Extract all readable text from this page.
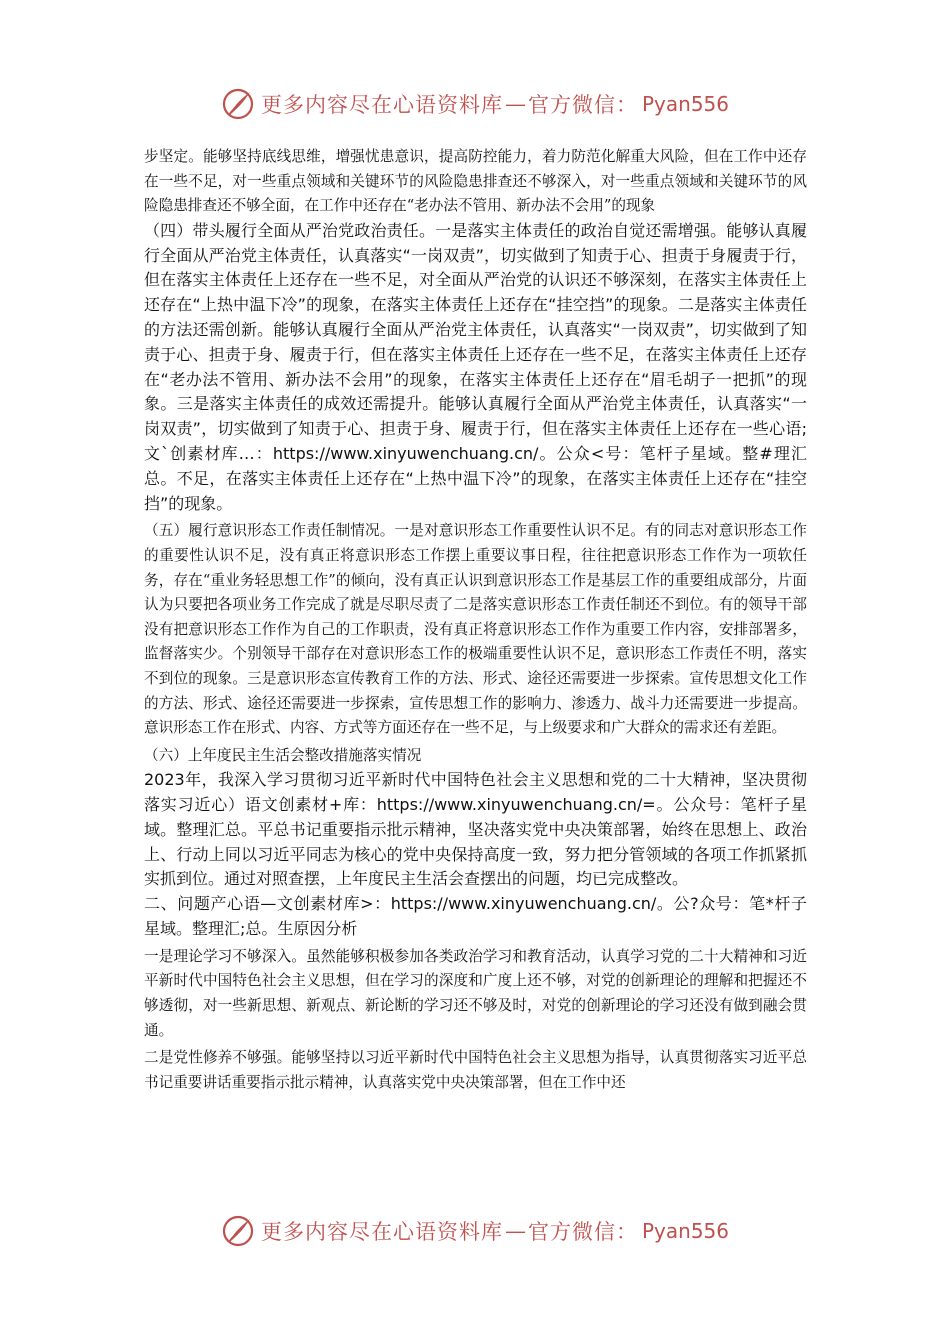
更多内容尽在心语资料库 — 官方微信： Pyan556

步坚定。能够坚持底线思维，增强忧患意识，提高防控能力，着力防范化解重大风险，但在工作中还存在一些不足，对一些重点领域和关键环节的风险隐患排查还不够深入，对一些重点领域和关键环节的风险隐患排查还不够全面，在工作中还存在“老办法不管用、新办法不会用”的现象

（四）带头履行全面从严治党政治责任。一是落实主体责任的政治自觉还需增强。能够认真履行全面从严治党主体责任，认真落实“一岗双责”，切实做到了知责于心、担责于身履责于行，但在落实主体责任上还存在一些不足，对全面从严治党的认识还不够深刻，在落实主体责任上还存在“上热中温下冷”的现象，在落实主体责任上还存在“挂空挡”的现象。二是落实主体责任的方法还需创新。能够认真履行全面从严治党主体责任，认真落实“一岗双责”，切实做到了知责于心、担责于身、履责于行，但在落实主体责任上还存在一些不足，在落实主体责任上还存在“老办法不管用、新办法不会用”的现象，在落实主体责任上还存在“眉毛胡子一把抓”的现象。三是落实主体责任的成效还需提升。能够认真履行全面从严治党主体责任，认真落实“一岗双责”，切实做到了知责于心、担责于身、履责于行，但在落实主体责任上还存在一些心语;文`创素材库…：https://www.xinyuwenchuang.cn/。公众<号：笔杆子星域。整#理汇总。不足，在落实主体责任上还存在“上热中温下冷”的现象，在落实主体责任上还存在“挂空挡”的现象。

（五）履行意识形态工作责任制情况。一是对意识形态工作重要性认识不足。有的同志对意识形态工作的重要性认识不足，没有真正将意识形态工作摆上重要议事日程，往往把意识形态工作作为一项软任务，存在“重业务轻思想工作”的倾向，没有真正认识到意识形态工作是基层工作的重要组成部分，片面认为只要把各项业务工作完成了就是尽职尽责了二是落实意识形态工作责任制还不到位。有的领导干部没有把意识形态工作作为自己的工作职责，没有真正将意识形态工作作为重要工作内容，安排部署多，监督落实少。个别领导干部存在对意识形态工作的极端重要性认识不足，意识形态工作责任不明，落实不到位的现象。三是意识形态宣传教育工作的方法、形式、途径还需要进一步探索。宣传思想文化工作的方法、形式、途径还需要进一步探索，宣传思想工作的影响力、渗透力、战斗力还需要进一步提高。意识形态工作在形式、内容、方式等方面还存在一些不足，与上级要求和广大群众的需求还有差距。

（六）上年度民主生活会整改措施落实情况

2023年，我深入学习贯彻习近平新时代中国特色社会主义思想和党的二十大精神，坚决贯彻落实习近心）语文创素材+库：https://www.xinyuwenchuang.cn/=。公众号：笔杆子星域。整理汇总。平总书记重要指示批示精神，坚决落实党中央决策部署，始终在思想上、政治上、行动上同以习近平同志为核心的党中央保持高度一致，努力把分管领域的各项工作抓紧抓实抓到位。通过对照查摆，上年度民主生活会查摆出的问题，均已完成整改。

二、问题产心语—文创素材库>：https://www.xinyuwenchuang.cn/。公?众号：笔*杆子星域。整理汇;总。生原因分析

一是理论学习不够深入。虽然能够积极参加各类政治学习和教育活动，认真学习党的二十大精神和习近平新时代中国特色社会主义思想，但在学习的深度和广度上还不够，对党的创新理论的理解和把握还不够透彻，对一些新思想、新观点、新论断的学习还不够及时，对党的创新理论的学习还没有做到融会贯通。

二是党性修养不够强。能够坚持以习近平新时代中国特色社会主义思想为指导，认真贯彻落实习近平总书记重要讲话重要指示批示精神，认真落实党中央决策部署，但在工作中还

更多内容尽在心语资料库 — 官方微信： Pyan556
